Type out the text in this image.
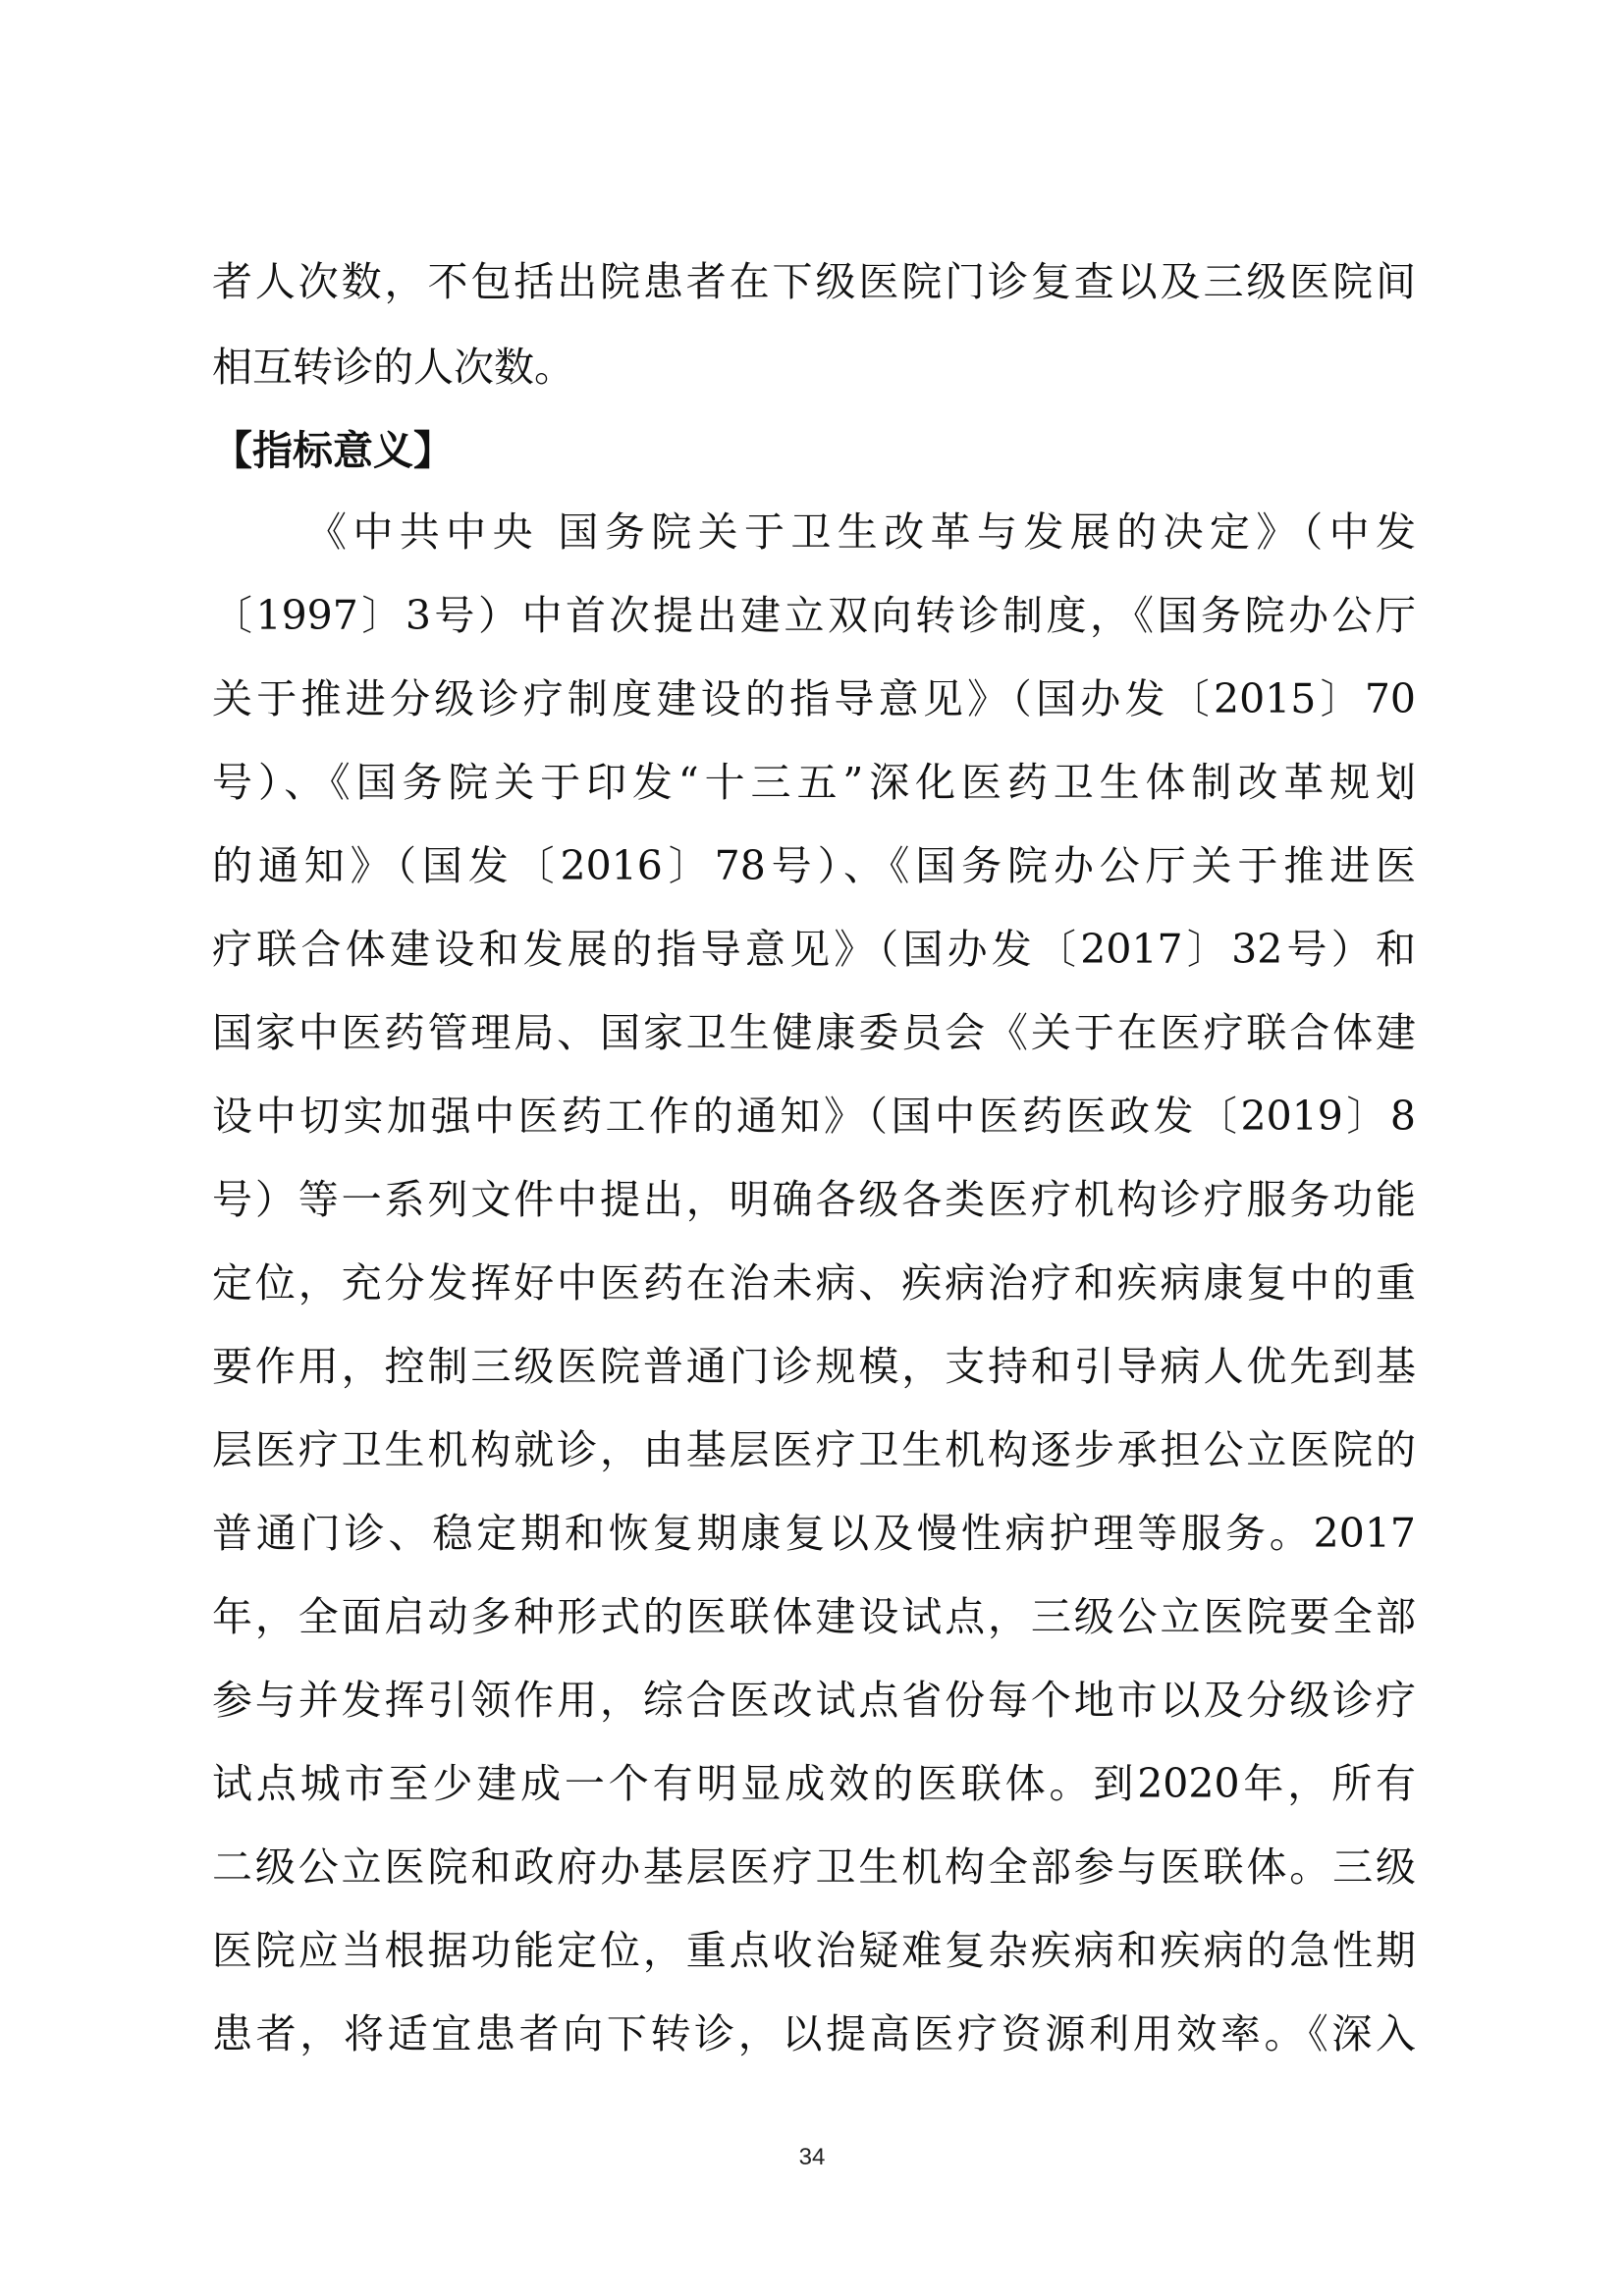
者人次数，不包括出院患者在下级医院门诊复查以及三级医院间
相互转诊的人次数。
【指标意义】
《中共中央 国务院关于卫生改革与发展的决定》（中发
〔1997〕3号）中首次提出建立双向转诊制度，《国务院办公厅
关于推进分级诊疗制度建设的指导意见》（国办发〔2015〕70
号）、《国务院关于印发“十三五”深化医药卫生体制改革规划
的通知》（国发〔2016〕78号）、《国务院办公厅关于推进医
疗联合体建设和发展的指导意见》（国办发〔2017〕32号）和
国家中医药管理局、国家卫生健康委员会《关于在医疗联合体建
设中切实加强中医药工作的通知》（国中医药医政发〔2019〕8
号）等一系列文件中提出，明确各级各类医疗机构诊疗服务功能
定位，充分发挥好中医药在治未病、疾病治疗和疾病康复中的重
要作用，控制三级医院普通门诊规模，支持和引导病人优先到基
层医疗卫生机构就诊，由基层医疗卫生机构逐步承担公立医院的
普通门诊、稳定期和恢复期康复以及慢性病护理等服务。2017
年，全面启动多种形式的医联体建设试点，三级公立医院要全部
参与并发挥引领作用，综合医改试点省份每个地市以及分级诊疗
试点城市至少建成一个有明显成效的医联体。到2020年，所有
二级公立医院和政府办基层医疗卫生机构全部参与医联体。三级
医院应当根据功能定位，重点收治疑难复杂疾病和疾病的急性期
患者，将适宜患者向下转诊，以提高医疗资源利用效率。《深入
34
